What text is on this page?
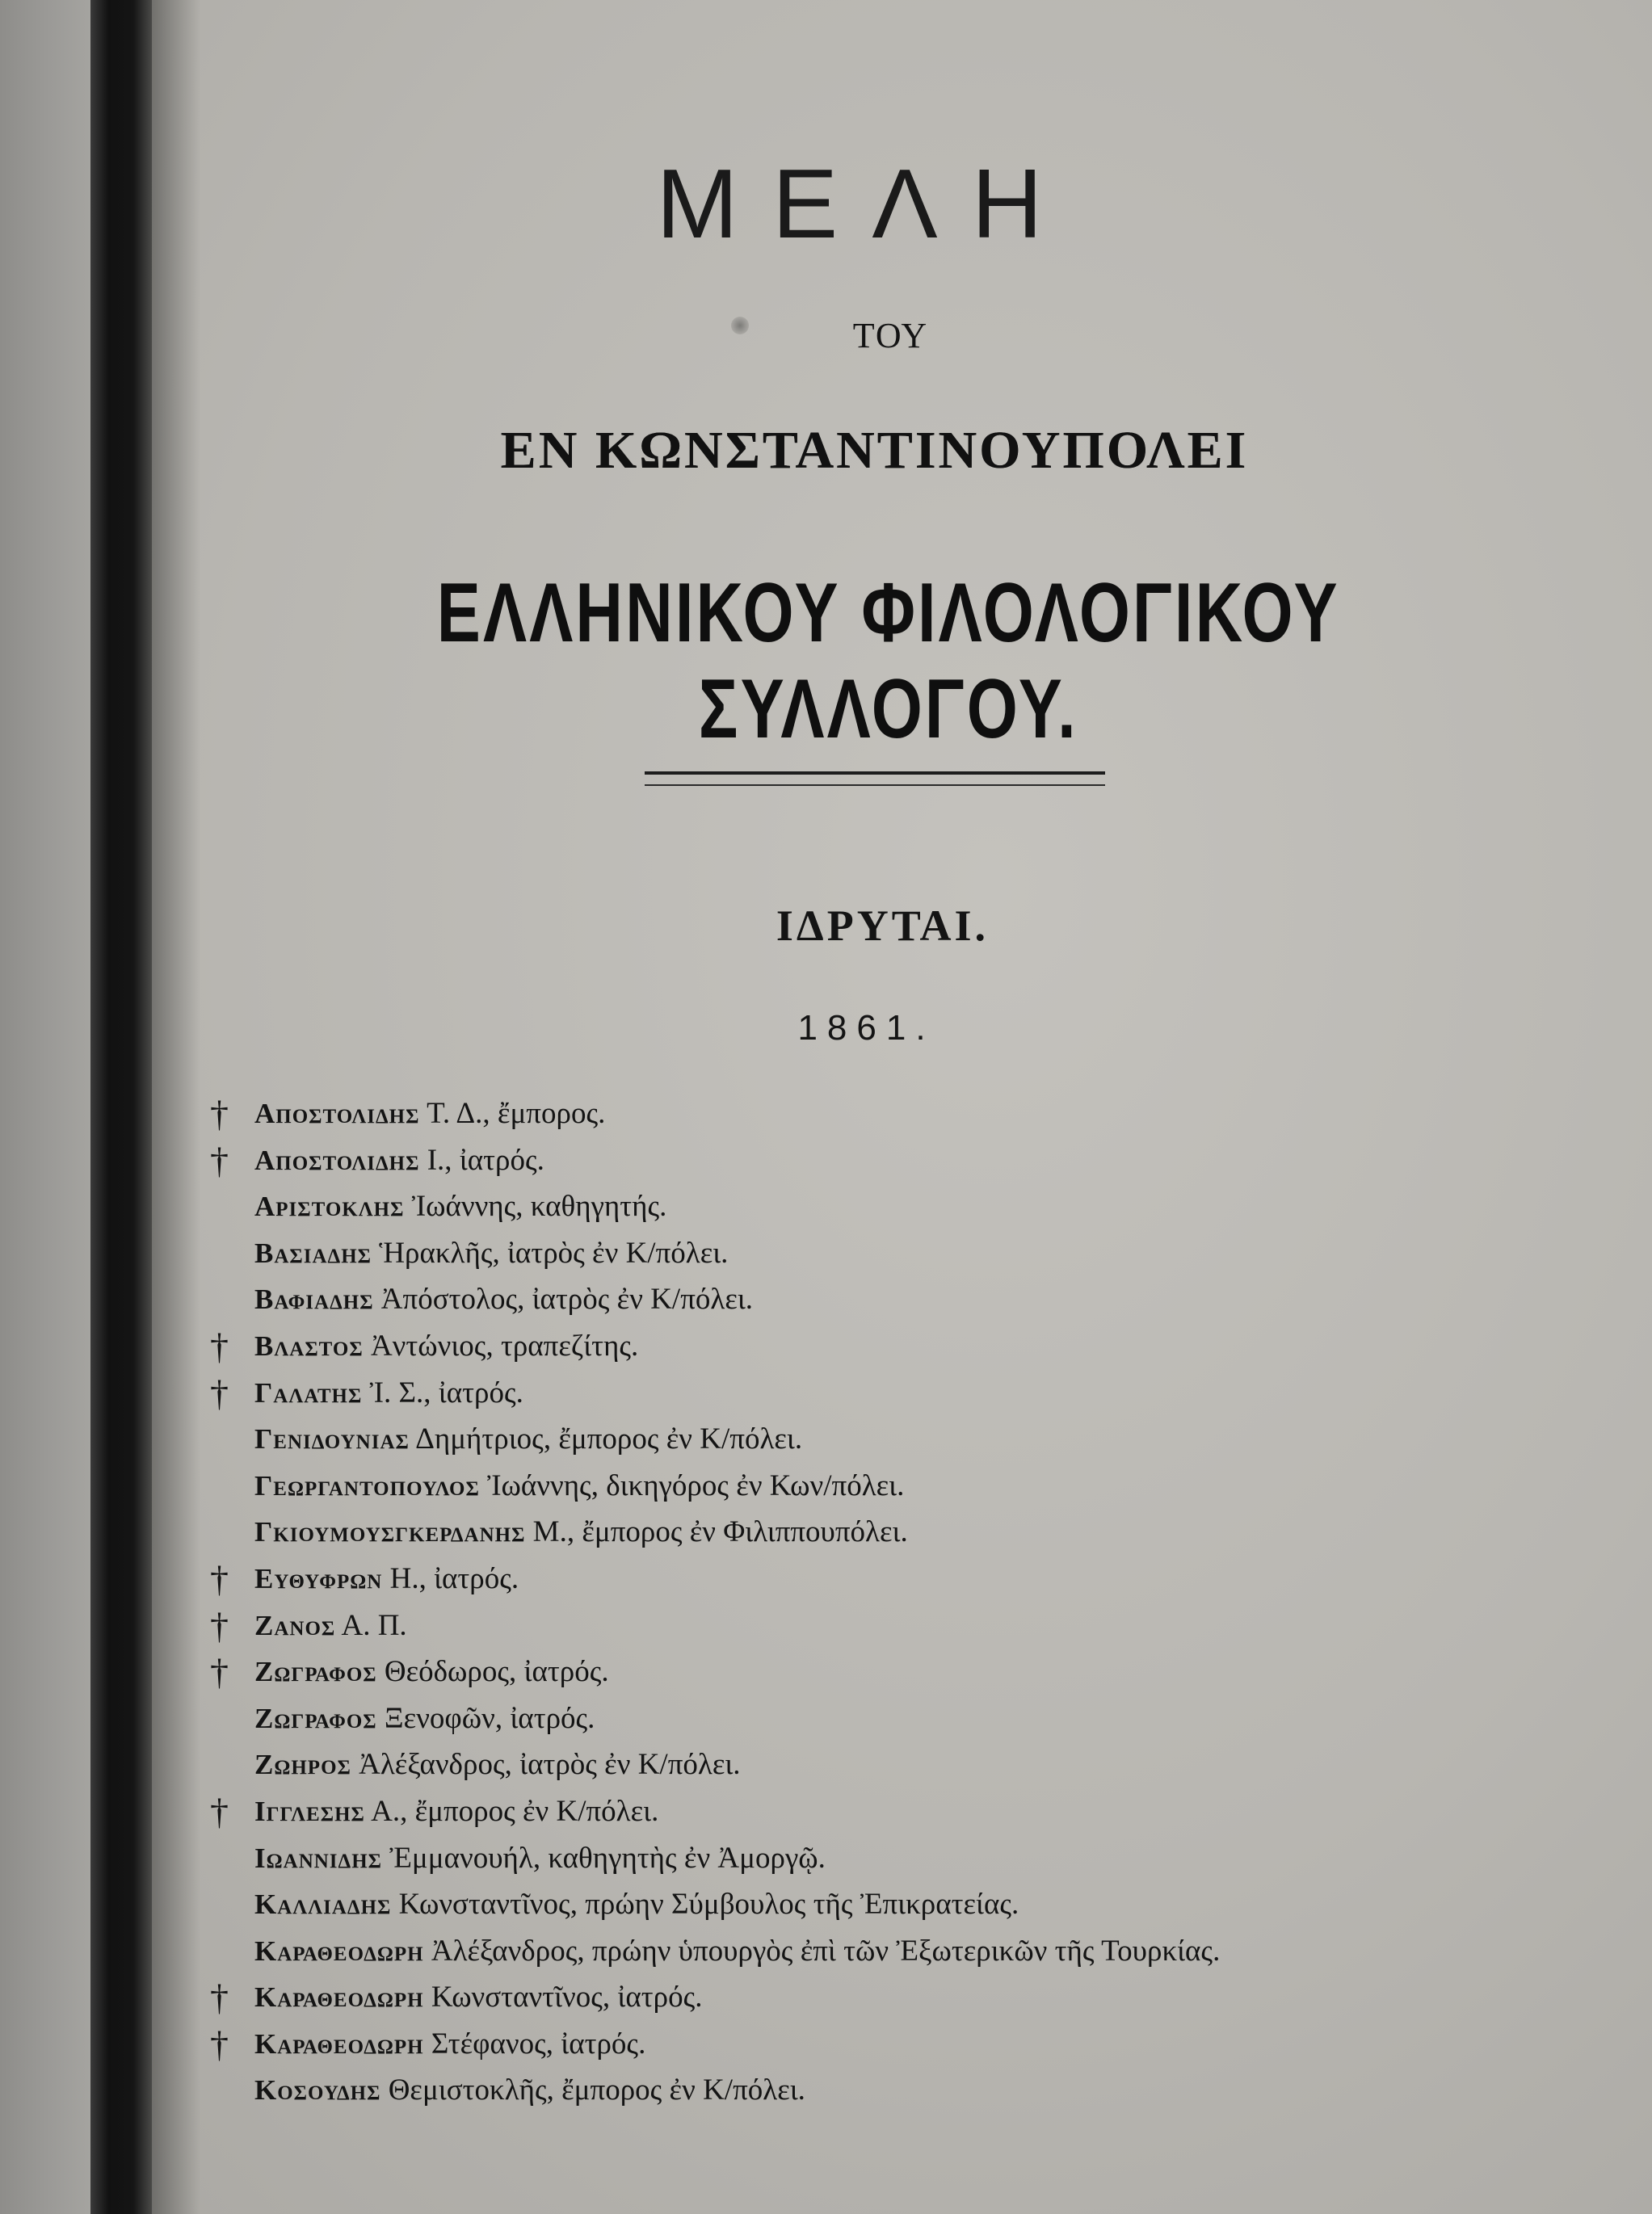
ΜΕΛΗ
ΤΟΥ
ΕΝ ΚΩΝΣΤΑΝΤΙΝΟΥΠΟΛΕΙ
ΕΛΛΗΝΙΚΟΥ ΦΙΛΟΛΟΓΙΚΟΥ ΣΥΛΛΟΓΟΥ.
ΙΔΡΥΤΑΙ.
1861.
† Αποστολιδης Τ. Δ., ἔμπορος.
† Αποστολιδης Ι., ἰατρός.
Αριστοκλης Ἰωάννης, καθηγητής.
Βασιαδης Ἡρακλῆς, ἰατρὸς ἐν Κ/πόλει.
Βαφιαδης Ἀπόστολος, ἰατρὸς ἐν Κ/πόλει.
† Βλαστος Ἀντώνιος, τραπεζίτης.
† Γαλατης Ἰ. Σ., ἰατρός.
Γενιδουνιας Δημήτριος, ἔμπορος ἐν Κ/πόλει.
Γεωργαντοπουλος Ἰωάννης, δικηγόρος ἐν Κων/πόλει.
Γκιουμουσγκερδανης Μ., ἔμπορος ἐν Φιλιππουπόλει.
† Ευθυφρων Η., ἰατρός.
† Ζανος Α. Π.
† Ζωγραφος Θεόδωρος, ἰατρός.
Ζωγραφος Ξενοφῶν, ἰατρός.
Ζωηρος Ἀλέξανδρος, ἰατρὸς ἐν Κ/πόλει.
† Ιγγλεσης Α., ἔμπορος ἐν Κ/πόλει.
Ιωαννιδης Ἐμμανουήλ, καθηγητὴς ἐν Ἀμοργῷ.
Καλλιαδης Κωνσταντῖνος, πρώην Σύμβουλος τῆς Ἐπικρατείας.
Καραθεοδωρη Ἀλέξανδρος, πρώην ὑπουργὸς ἐπὶ τῶν Ἐξωτερικῶν τῆς Τουρκίας.
† Καραθεοδωρη Κωνσταντῖνος, ἰατρός.
† Καραθεοδωρη Στέφανος, ἰατρός.
Κοσουδης Θεμιστοκλῆς, ἔμπορος ἐν Κ/πόλει.
